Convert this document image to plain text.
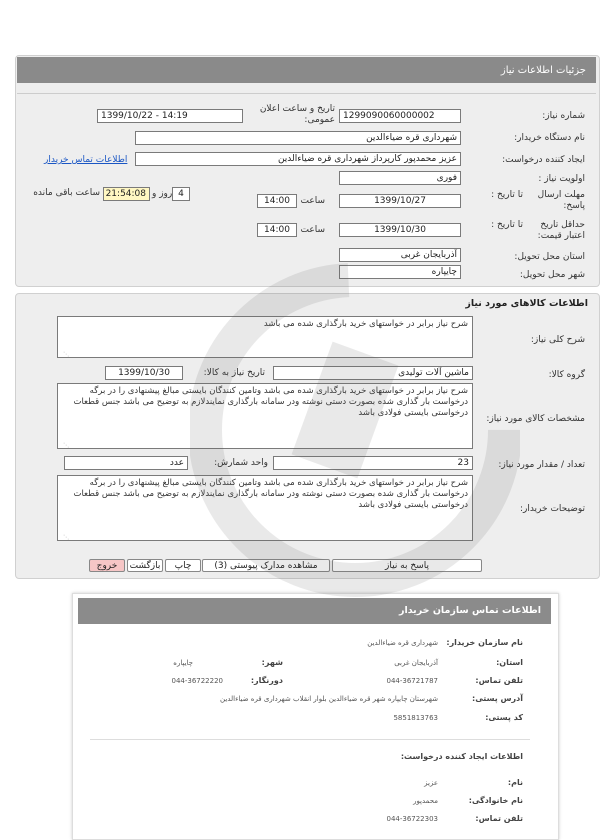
جزئیات اطلاعات نیاز
شماره نیاز:
1299090060000002
تاریخ و ساعت اعلان عمومی:
1399/10/22 - 14:19
نام دستگاه خریدار:
شهرداری قره ضیاءالدین
ایجاد کننده درخواست:
عزیز محمدپور کارپرداز شهرداری قره ضیاءالدین
اطلاعات تماس خریدار
اولویت نیاز :
فوری
مهلت ارسال پاسخ:
تا تاریخ :
1399/10/27
ساعت
14:00
4
روز و
21:54:08
ساعت باقی مانده
حداقل تاریخ اعتبار قیمت:
تا تاریخ :
1399/10/30
ساعت
14:00
استان محل تحویل:
آذربایجان غربی
شهر محل تحویل:
چایپاره
اطلاعات کالاهای مورد نیاز
شرح کلی نیاز:
شرح نیاز برابر در خواستهای خرید بارگذاری شده می باشد
⋰
گروه کالا:
ماشین آلات تولیدی
تاریخ نیاز به کالا:
1399/10/30
مشخصات کالای مورد نیاز:
شرح نیاز برابر در خواستهای خرید بارگذاری شده می باشد وتامین کنندگان بایستی مبالغ پیشنهادی را در برگه درخواست بار گذاری شده بصورت دستی نوشته ودر سامانه بارگذاری نمایندلازم به توضیح می باشد جنس قطعات درخواستی بایستی فولادی باشد
⋰
تعداد / مقدار مورد نیاز:
23
واحد شمارش:
عدد
توضیحات خریدار:
شرح نیاز برابر در خواستهای خرید بارگذاری شده می باشد وتامین کنندگان بایستی مبالغ پیشنهادی را در برگه درخواست بار گذاری شده بصورت دستی نوشته ودر سامانه بارگذاری نمایندلازم به توضیح می باشد جنس قطعات درخواستی بایستی فولادی باشد
⋰
پاسخ به نیاز
مشاهده مدارک پیوستی (3)
چاپ
بازگشت
خروج
اطلاعات تماس سازمان خریدار
نام سازمان خریدار:
شهرداری قره ضیاءالدین
استان:
آذربایجان غربی
شهر:
چایپاره
تلفن تماس:
044-36721787
دورنگار:
044-36722220
آدرس پستی:
شهرستان چایپاره شهر قره ضیاءالدین بلوار انقلاب شهرداری قره ضیاءالدین
کد پستی:
5851813763
اطلاعات ایجاد کننده درخواست:
نام:
عزیز
نام خانوادگی:
محمدپور
تلفن تماس:
044-36722303
